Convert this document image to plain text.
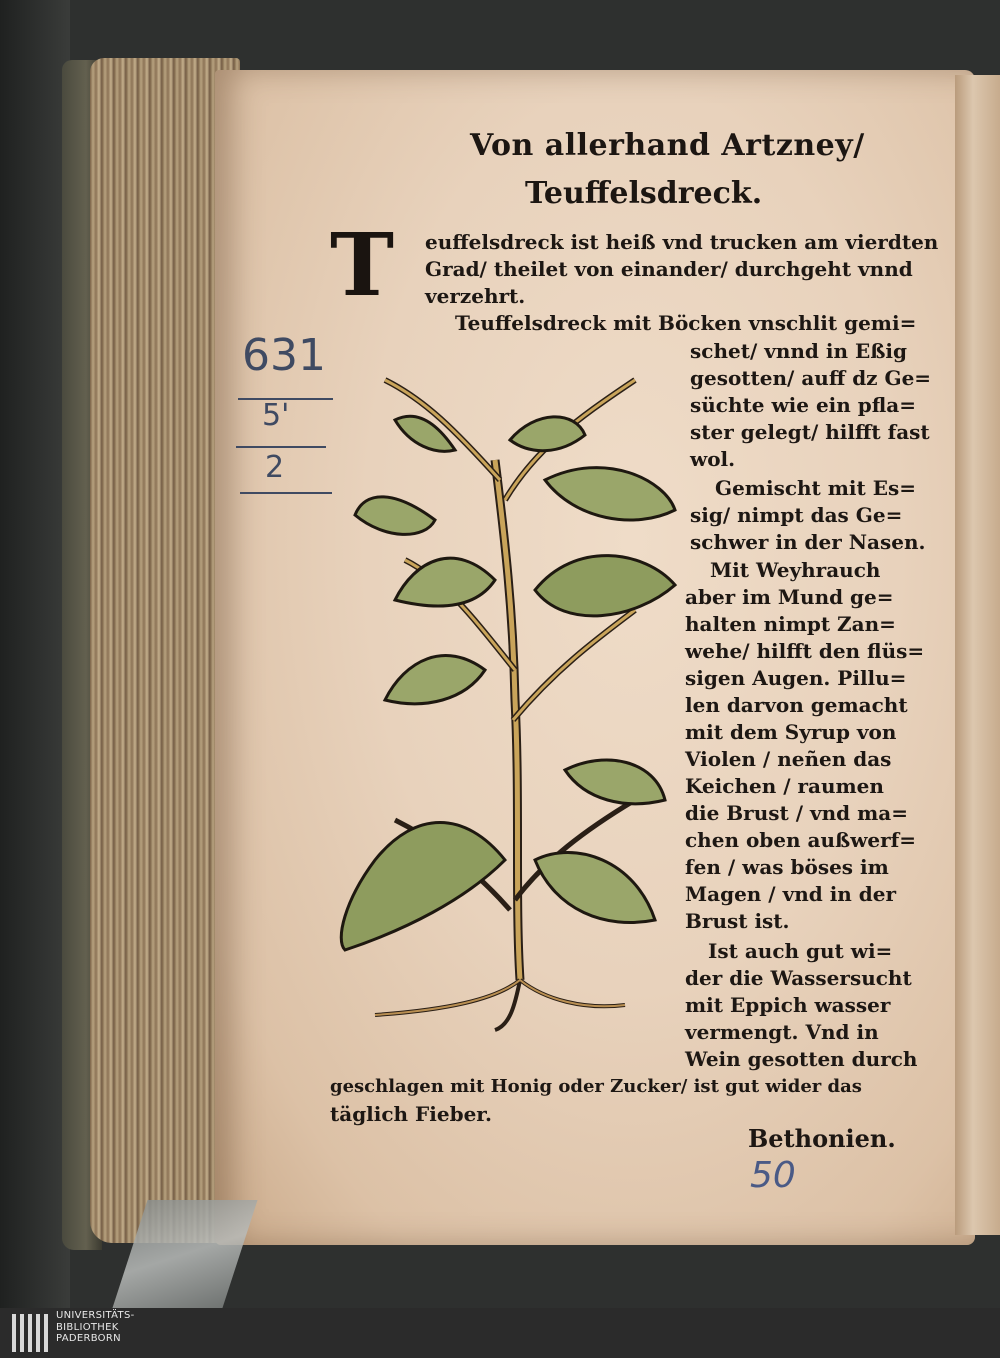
Von allerhand Artzney/
Teuffelsdreck.
T	euffelsdreck ist heiß vnd trucken am vierdten
Grad/ theilet von einander/ durchgeht vnnd
verzehrt.
Teuffelsdreck mit Böcken vnschlit gemi=
schet/ vnnd in Eßig
gesotten/ auff dz Ge=
süchte wie ein pfla=
ster gelegt/ hilfft fast
wol.
Gemischt mit Es=
sig/ nimpt das Ge=
schwer in der Nasen.
Mit Weyhrauch
aber im Mund ge=
halten nimpt Zan=
wehe/ hilfft den flüs=
sigen Augen. Pillu=
len darvon gemacht
mit dem Syrup von
Violen / neñen das
Keichen / raumen
die Brust / vnd ma=
chen oben außwerf=
fen / was böses im
Magen / vnd in der
Brust ist.
Ist auch gut wi=
der die Wassersucht
mit Eppich wasser
vermengt. Vnd in
Wein gesotten durch
geschlagen mit Honig oder Zucker/ ist gut wider das
täglich Fieber.
Bethonien.
631
5'
2
50
UNIVERSITÄTS-
BIBLIOTHEK
PADERBORN
